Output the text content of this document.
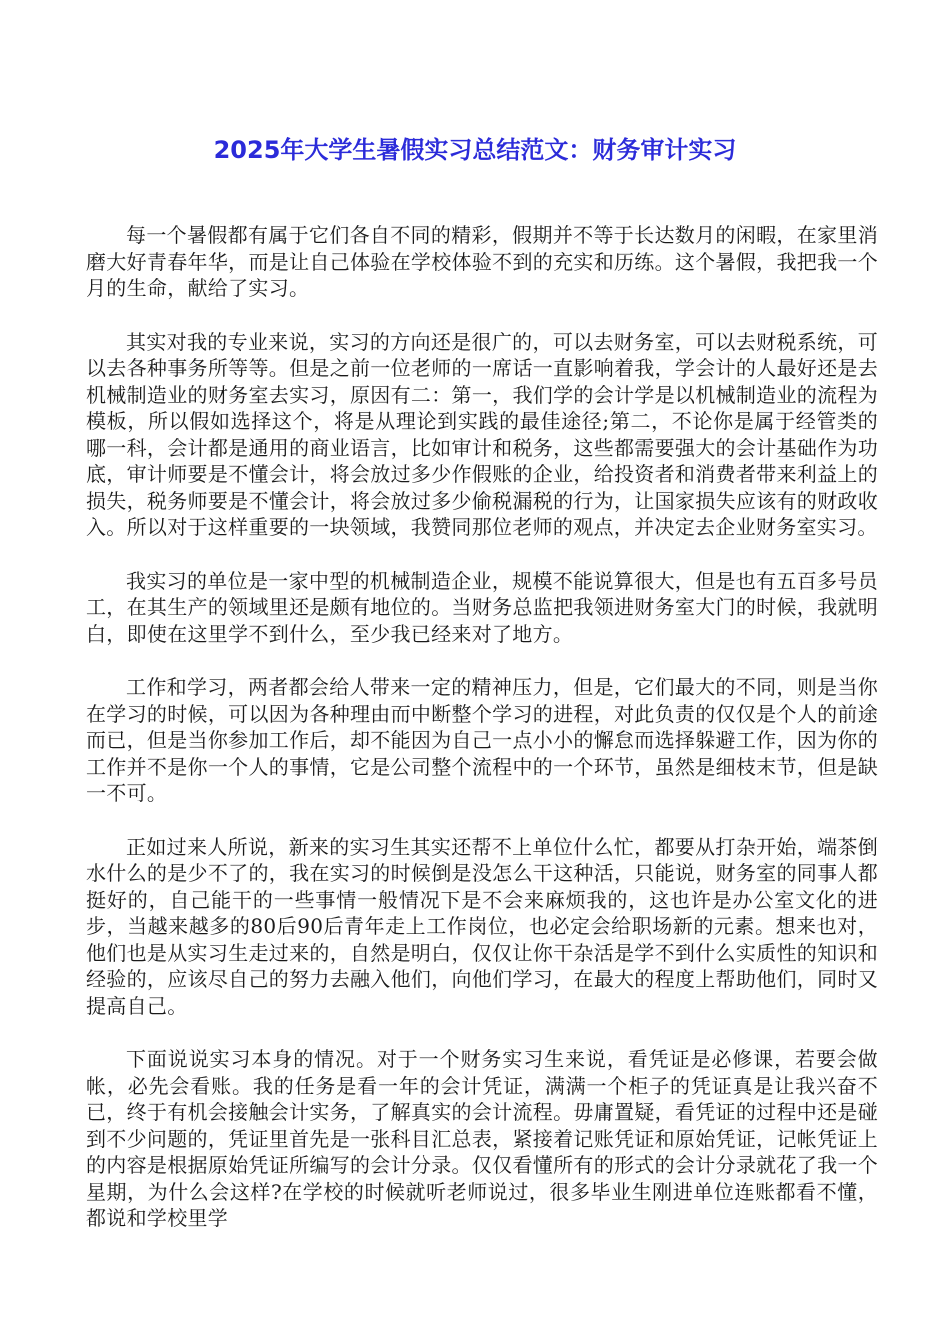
2025年大学生暑假实习总结范文：财务审计实习

每一个暑假都有属于它们各自不同的精彩，假期并不等于长达数月的闲暇，在家里消磨大好青春年华，而是让自己体验在学校体验不到的充实和历练。这个暑假，我把我一个月的生命，献给了实习。

其实对我的专业来说，实习的方向还是很广的，可以去财务室，可以去财税系统，可以去各种事务所等等。但是之前一位老师的一席话一直影响着我，学会计的人最好还是去机械制造业的财务室去实习，原因有二：第一，我们学的会计学是以机械制造业的流程为模板，所以假如选择这个，将是从理论到实践的最佳途径;第二，不论你是属于经管类的哪一科，会计都是通用的商业语言，比如审计和税务，这些都需要强大的会计基础作为功底，审计师要是不懂会计，将会放过多少作假账的企业，给投资者和消费者带来利益上的损失，税务师要是不懂会计，将会放过多少偷税漏税的行为，让国家损失应该有的财政收入。所以对于这样重要的一块领域，我赞同那位老师的观点，并决定去企业财务室实习。

我实习的单位是一家中型的机械制造企业，规模不能说算很大，但是也有五百多号员工，在其生产的领域里还是颇有地位的。当财务总监把我领进财务室大门的时候，我就明白，即使在这里学不到什么，至少我已经来对了地方。

工作和学习，两者都会给人带来一定的精神压力，但是，它们最大的不同，则是当你在学习的时候，可以因为各种理由而中断整个学习的进程，对此负责的仅仅是个人的前途而已，但是当你参加工作后，却不能因为自己一点小小的懈怠而选择躲避工作，因为你的工作并不是你一个人的事情，它是公司整个流程中的一个环节，虽然是细枝末节，但是缺一不可。

正如过来人所说，新来的实习生其实还帮不上单位什么忙，都要从打杂开始，端茶倒水什么的是少不了的，我在实习的时候倒是没怎么干这种活，只能说，财务室的同事人都挺好的，自己能干的一些事情一般情况下是不会来麻烦我的，这也许是办公室文化的进步，当越来越多的80后90后青年走上工作岗位，也必定会给职场新的元素。想来也对，他们也是从实习生走过来的，自然是明白，仅仅让你干杂活是学不到什么实质性的知识和经验的，应该尽自己的努力去融入他们，向他们学习，在最大的程度上帮助他们，同时又提高自己。

下面说说实习本身的情况。对于一个财务实习生来说，看凭证是必修课，若要会做帐，必先会看账。我的任务是看一年的会计凭证，满满一个柜子的凭证真是让我兴奋不已，终于有机会接触会计实务，了解真实的会计流程。毋庸置疑，看凭证的过程中还是碰到不少问题的，凭证里首先是一张科目汇总表，紧接着记账凭证和原始凭证，记帐凭证上的内容是根据原始凭证所编写的会计分录。仅仅看懂所有的形式的会计分录就花了我一个星期，为什么会这样?在学校的时候就听老师说过，很多毕业生刚进单位连账都看不懂，都说和学校里学
